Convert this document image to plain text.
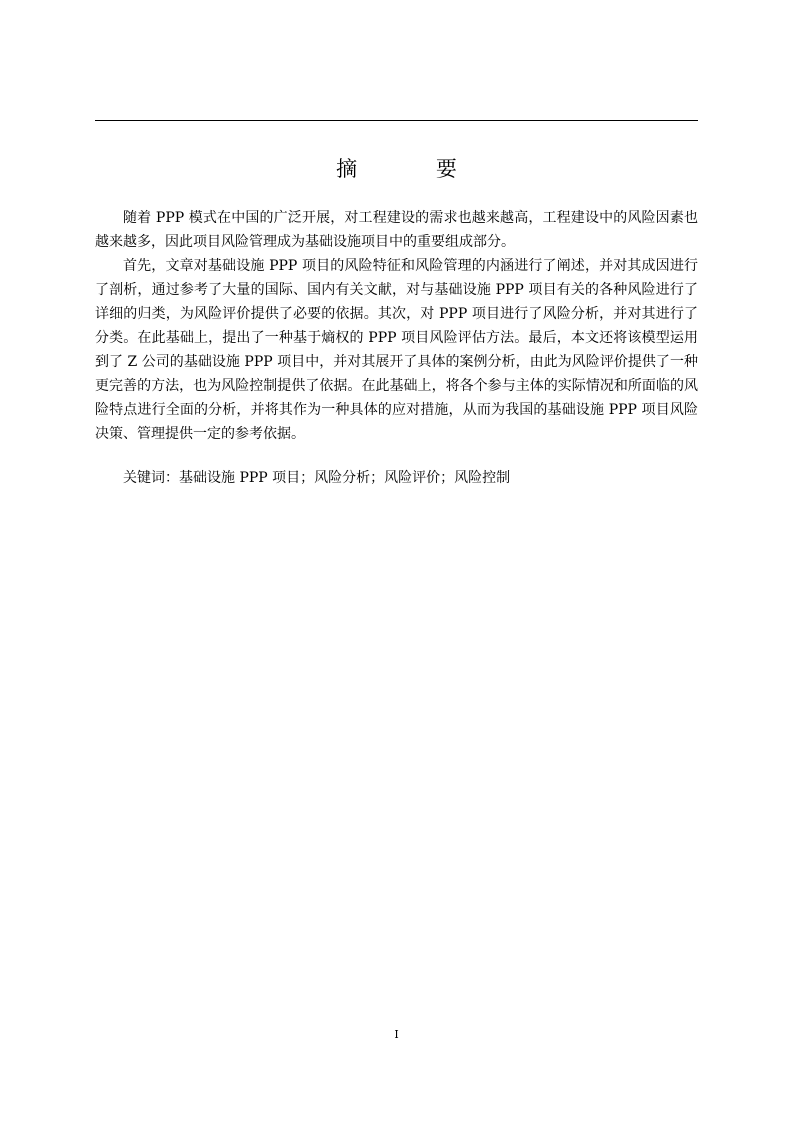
摘 要

随着 PPP 模式在中国的广泛开展，对工程建设的需求也越来越高，工程建设中的风险因素也越来越多，因此项目风险管理成为基础设施项目中的重要组成部分。

首先，文章对基础设施 PPP 项目的风险特征和风险管理的内涵进行了阐述，并对其成因进行了剖析，通过参考了大量的国际、国内有关文献，对与基础设施 PPP 项目有关的各种风险进行了详细的归类，为风险评价提供了必要的依据。其次，对 PPP 项目进行了风险分析，并对其进行了分类。在此基础上，提出了一种基于熵权的 PPP 项目风险评估方法。最后，本文还将该模型运用到了 Z 公司的基础设施 PPP 项目中，并对其展开了具体的案例分析，由此为风险评价提供了一种更完善的方法，也为风险控制提供了依据。在此基础上，将各个参与主体的实际情况和所面临的风险特点进行全面的分析，并将其作为一种具体的应对措施，从而为我国的基础设施 PPP 项目风险决策、管理提供一定的参考依据。

关键词：基础设施 PPP 项目；风险分析；风险评价；风险控制

I
